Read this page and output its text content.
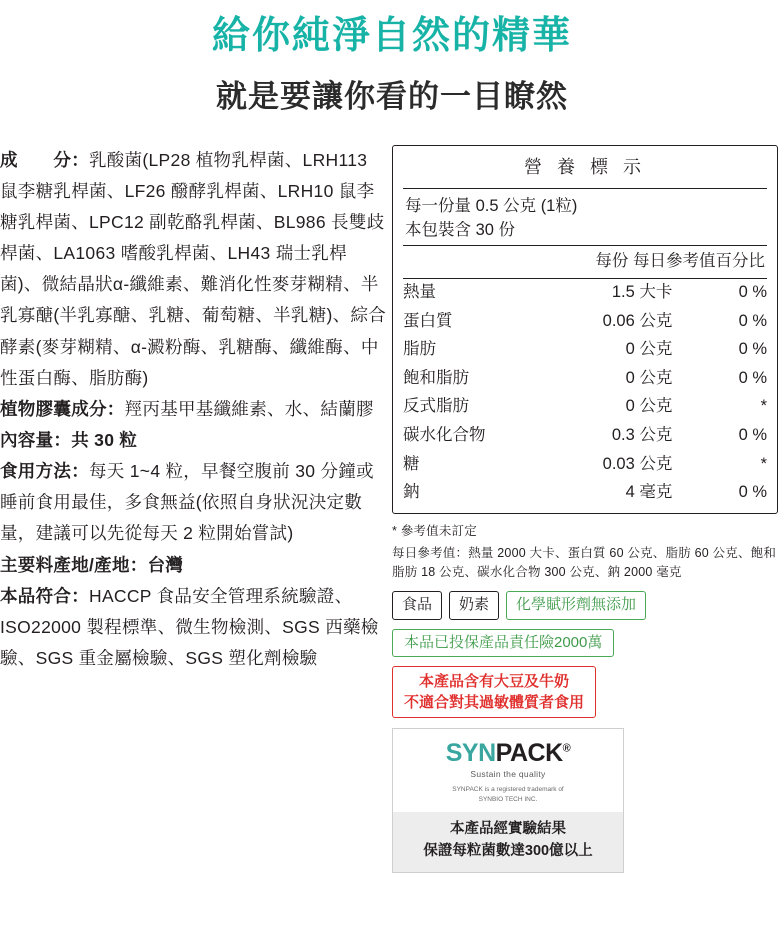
給你純淨自然的精華
就是要讓你看的一目瞭然

成　　分：乳酸菌(LP28 植物乳桿菌、LRH113 鼠李糖乳桿菌、LF26 醱酵乳桿菌、LRH10 鼠李糖乳桿菌、LPC12 副乾酪乳桿菌、BL986 長雙歧桿菌、LA1063 嗜酸乳桿菌、LH43 瑞士乳桿菌)、微結晶狀α-纖維素、難消化性麥芽糊精、半乳寡醣(半乳寡醣、乳糖、葡萄糖、半乳糖)、綜合酵素(麥芽糊精、α-澱粉酶、乳糖酶、纖維酶、中性蛋白酶、脂肪酶)

植物膠囊成分：羥丙基甲基纖維素、水、結蘭膠

內容量：共 30 粒

食用方法：每天 1~4 粒，早餐空腹前 30 分鐘或睡前食用最佳，多食無益(依照自身狀況決定數量，建議可以先從每天 2 粒開始嘗試)

主要料產地/產地：台灣

本品符合：HACCP 食品安全管理系統驗證、ISO22000 製程標準、微生物檢測、SGS 西藥檢驗、SGS 重金屬檢驗、SGS 塑化劑檢驗

營 養 標 示
每一份量 0.5 公克 (1粒)
本包裝含 30 份
每份 每日參考值百分比
熱量	1.5 大卡	0 %
蛋白質	0.06 公克	0 %
脂肪	0 公克	0 %
飽和脂肪	0 公克	0 %
反式脂肪	0 公克	*
碳水化合物	0.3 公克	0 %
糖	0.03 公克	*
鈉	4 毫克	0 %
* 參考值未訂定
每日參考值：熱量 2000 大卡、蛋白質 60 公克、脂肪 60 公克、飽和脂肪 18 公克、碳水化合物 300 公克、鈉 2000 毫克
食品	奶素	化學賦形劑無添加
本品已投保產品責任險2000萬
本產品含有大豆及牛奶
不適合對其過敏體質者食用
SYNPACK®
Sustain the quality
SYNPACK is a registered trademark of
SYNBIO TECH INC.
本產品經實驗結果
保證每粒菌數達300億以上
